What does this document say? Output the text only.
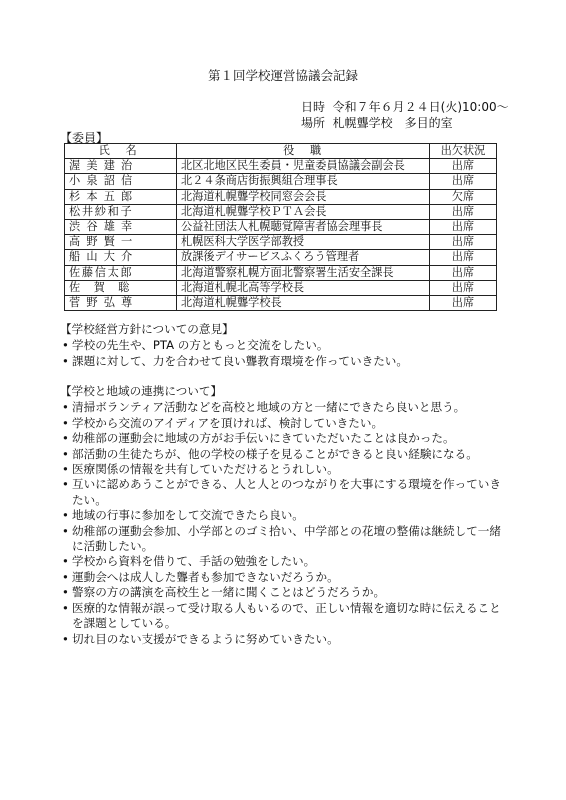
第１回学校運営協議会記録
日時 令和７年６月２４日(火)10:00～
場所 札幌聾学校　多目的室
【委員】
氏名	役職	出欠状況
渥美建治	北区北地区民生委員・児童委員協議会副会長	出席
小泉詔信	北２４条商店街振興組合理事長	出席
杉本五郎	北海道札幌聾学校同窓会会長	欠席
松井紗和子	北海道札幌聾学校ＰＴＡ会長	出席
渋谷雄幸	公益社団法人札幌聴覚障害者協会理事長	出席
高野賢一	札幌医科大学医学部教授	出席
船山大介	放課後デイサービスふくろう管理者	出席
佐藤信太郎	北海道警察札幌方面北警察署生活安全課長	出席
佐賀聡	北海道札幌北高等学校長	出席
菅野弘尊	北海道札幌聾学校長	出席
【学校経営方針についての意見】
• 学校の先生や、PTA の方ともっと交流をしたい。
• 課題に対して、力を合わせて良い聾教育環境を作っていきたい。
【学校と地域の連携について】
• 清掃ボランティア活動などを高校と地域の方と一緒にできたら良いと思う。
• 学校から交流のアイディアを頂ければ、検討していきたい。
• 幼稚部の運動会に地域の方がお手伝いにきていただいたことは良かった。
• 部活動の生徒たちが、他の学校の様子を見ることができると良い経験になる。
• 医療関係の情報を共有していただけるとうれしい。
• 互いに認めあうことができる、人と人とのつながりを大事にする環境を作っていきたい。
• 地域の行事に参加をして交流できたら良い。
• 幼稚部の運動会参加、小学部とのゴミ拾い、中学部との花壇の整備は継続して一緒に活動したい。
• 学校から資料を借りて、手話の勉強をしたい。
• 運動会へは成人した聾者も参加できないだろうか。
• 警察の方の講演を高校生と一緒に聞くことはどうだろうか。
• 医療的な情報が誤って受け取る人もいるので、正しい情報を適切な時に伝えることを課題としている。
• 切れ目のない支援ができるように努めていきたい。
